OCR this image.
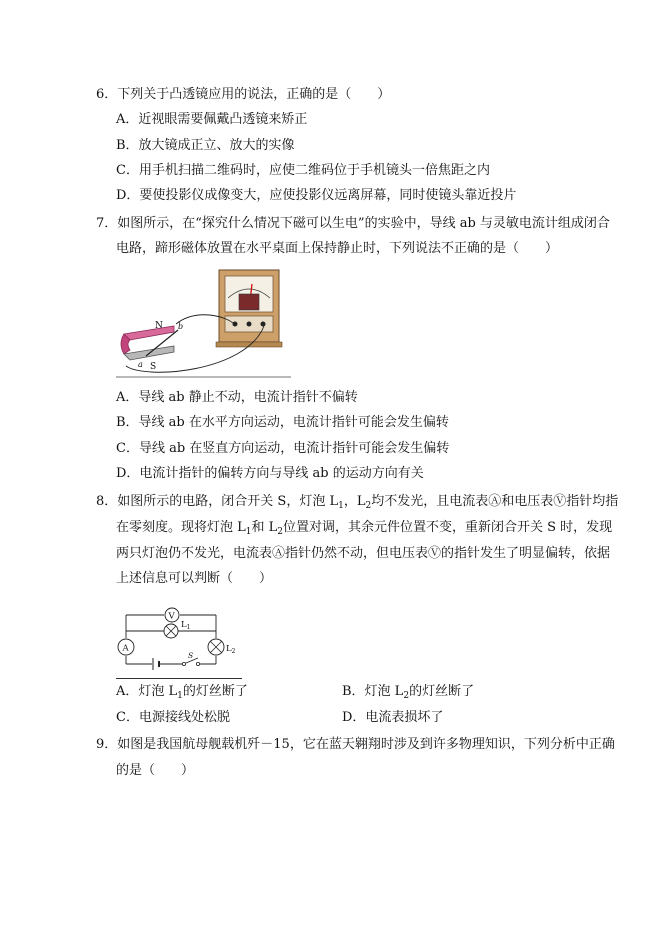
6．下列关于凸透镜应用的说法，正确的是（　　）
A．近视眼需要佩戴凸透镜来矫正
B．放大镜成正立、放大的实像
C．用手机扫描二维码时，应使二维码位于手机镜头一倍焦距之内
D．要使投影仪成像变大，应使投影仪远离屏幕，同时使镜头靠近投片
7．如图所示，在“探究什么情况下磁可以生电”的实验中，导线 ab 与灵敏电流计组成闭合
电路，蹄形磁体放置在水平桌面上保持静止时，下列说法不正确的是（　　）
N
S
b
a
A．导线 ab 静止不动，电流计指针不偏转
B．导线 ab 在水平方向运动，电流计指针可能会发生偏转
C．导线 ab 在竖直方向运动，电流计指针可能会发生偏转
D．电流计指针的偏转方向与导线 ab 的运动方向有关
8．如图所示的电路，闭合开关 S，灯泡 $L_1$，$L_2$均不发光，且电流表Ⓐ和电压表Ⓥ指针均指
在零刻度。现将灯泡 $L_1$和 $L_2$位置对调，其余元件位置不变，重新闭合开关 S 时，发现
两只灯泡仍不发光，电流表Ⓐ指针仍然不动，但电压表Ⓥ的指针发生了明显偏转，依据
上述信息可以判断（　　）
V
$L_1$
A	$L_2$
S
A．灯泡 $L_1$的灯丝断了	B．灯泡 $L_2$的灯丝断了
C．电源接线处松脱	D．电流表损坏了
9．如图是我国航母舰载机歼－15，它在蓝天翱翔时涉及到许多物理知识，下列分析中正确
的是（　　）
